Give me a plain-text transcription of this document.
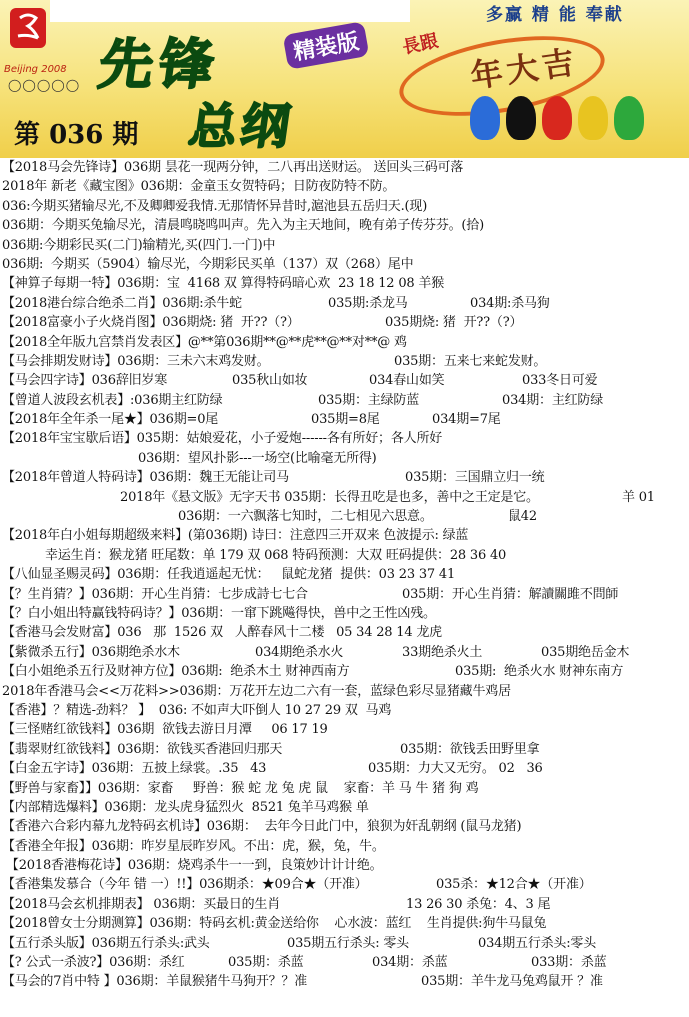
Beijing 2008
◯◯◯◯◯ 先锋	精装版
总纲
第 036 期
多赢 精 能 奉献
長跟 年大吉
【2018马会先锋诗】036期 昙花一现两分钟，二八再出送财运。 送回头三码可落
2018年 新老《藏宝图》036期：金童玉女贺特码；日防夜防特不防。
036:今期买猪输尽光,不及卿卿爱我情.无那情怀异昔时,滬池县五岳归天.(现)
036期：今期买兔输尽光，清晨鸣晓鸣叫声。先入为主天地间，晚有弟子传芬芬。(拾)
036期:今期彩民买(二门)输精光,买(四门.一门)中
036期:  今期买（5904）输尽光，今期彩民买单（137）双（268）尾中
【神算子每期一特】036期：宝  4168 双 算得特码暗心欢  23 18 12 08 羊猴
【2018港台综合绝杀二肖】036期:杀牛蛇	035期:杀龙马	034期:杀马狗
【2018富豪小子火烧肖图】036期烧: 猪  开??（?）	035期烧: 猪  开??（?）
【2018全年版九宫禁肖发表区】@**第036期**@**虎**@**对**@ 鸡
【马会排期发财诗】036期：三未六末鸡发财。	035期：五来七来蛇发财。
【马会四字诗】036辞旧岁寒	035秋山如妆	034春山如笑	033冬日可爱
【曾道人波段玄机表】:036期主红防绿	035期：主绿防蓝	034期：主红防绿
【2018年全年杀一尾★】036期=0尾	035期=8尾	034期=7尾
【2018年宝宝歇后语】035期：姑娘爱花，小子爱炮------各有所好；各人所好
036期：望风扑影---一场空(比喻毫无所得)
【2018年曾道人特码诗】036期：魏王无能让司马	035期：三国鼎立归一统
2018年《悬文版》无字天书 035期：长得丑吃是也多，善中之王定是它。	羊 01
036期：一六飘落七知时，二七相见六思意。	鼠42
【2018年白小姐每期超级来料】(第036期) 诗曰：注意四三开双来 色波提示: 绿蓝
幸运生肖：猴龙猪 旺尾数：单 179 双 068 特码预测：大双 旺码提供：28 36 40
【八仙显圣赐灵码】036期：任我逍遥起无忧：   鼠蛇龙猪  提供：03 23 37 41
【？生肖猜？】036期：开心生肖猜：七步成詩七七合	035期：开心生肖猜：解讀關雎不問師
【？白小姐出特赢钱特码诗？】036期：一窜下跳飚得快，兽中之王性凶残。
【香港马会发财富】036   那  1526 双   人醉春风十二楼   05 34 28 14 龙虎
【紫微杀五行】036期绝杀水木	034期绝杀水火	33期绝杀火土	035期绝岳金木
【白小姐绝杀五行及财神方位】036期:  绝杀木土 财神西南方	035期:  绝杀火水 财神东南方
2018年香港马会<<万花料>>036期：万花开左边二六有一套，蓝绿色彩尽显猪藏牛鸡居
【香港】？精选-劲料？ 】  036: 不如声大吓倒人 10 27 29 双  马鸡
【三怪赌红欲钱料】036期  欲钱去游日月潭     06 17 19
【翡翠财红欲钱料】036期：欲钱买香港回归那天	035期：欲钱丢田野里拿
【白金五字诗】036期：五披上绿裳。.35   43	035期：力大又无穷。 02   36
【野兽与家畜】】036期：家畜     野兽：猴 蛇 龙 兔 虎 鼠    家畜：羊 马 牛 猪 狗 鸡
【内部精选爆料】036期：龙头虎身猛烈火  8521 兔羊马鸡猴 单
【香港六合彩内幕九龙特码玄机诗】036期：  去年今日此门中，狼狈为奸乱朝纲 (鼠马龙猪)
【香港全年报】036期：昨岁星辰昨岁风。不出：虎，猴，兔，牛。
【2018香港梅花诗】036期：烧鸡杀牛一一到，良策妙计计计绝。
【香港集发慕合（今年 错 一）!!】036期杀：★09合★（开准）	035杀：★12合★（开准）
【2018马会玄机排期表】 036期：买最日的生肖	13 26 30 杀兔：4、3 尾
【2018曾女士分期测算】036期：特码玄机:黄金送给你    心水波：蓝红    生肖提供:狗牛马鼠兔
【五行杀头版】036期五行杀头:武头	035期五行杀头: 零头	034期五行杀头:零头
【? 公式一杀波?】036期：杀红	035期：杀蓝	034期：杀蓝	033期：杀蓝
【马会的7肖中特 】036期：羊鼠猴猪牛马狗开？？准	035期：羊牛龙马兔鸡鼠开 ？准
